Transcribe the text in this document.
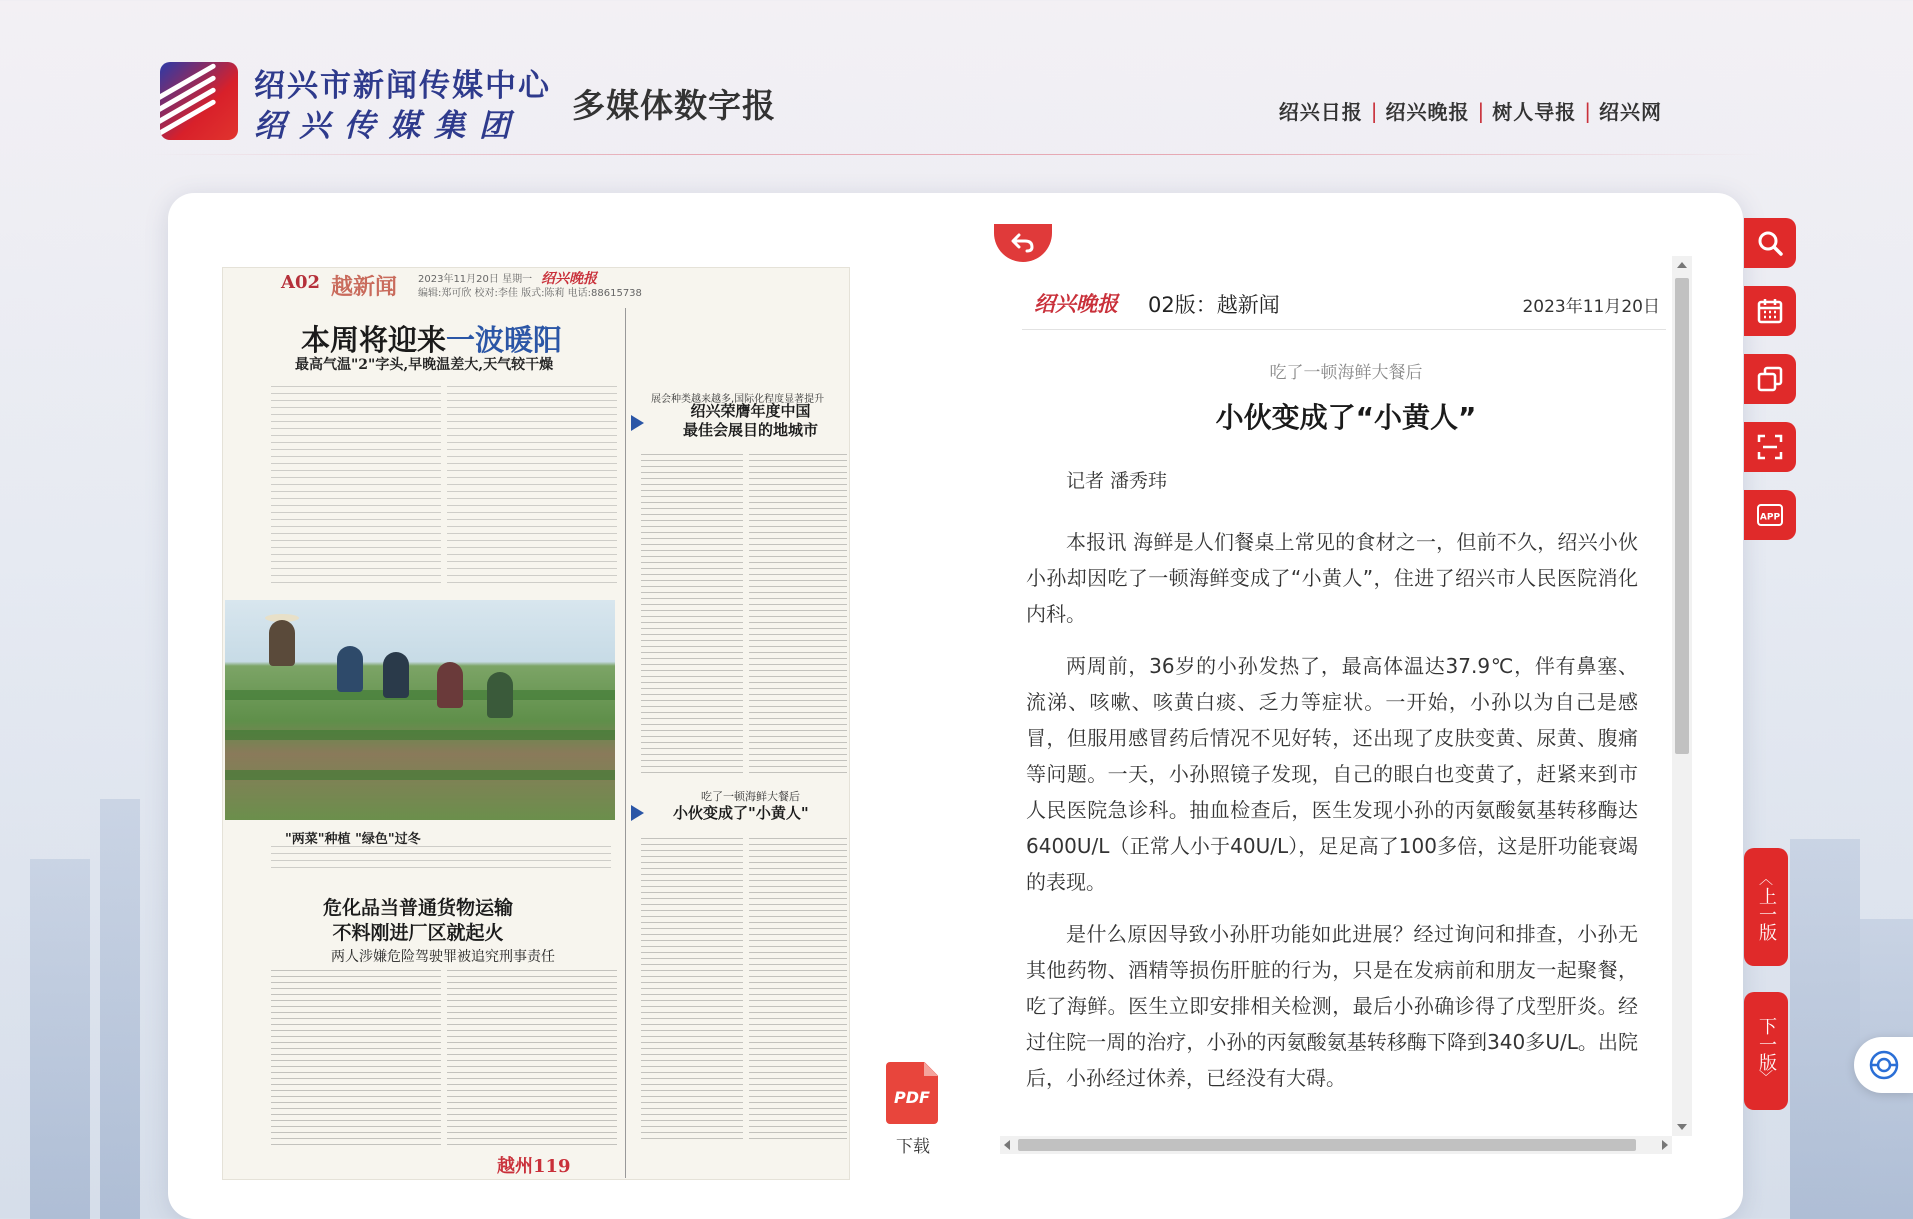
绍兴市新闻传媒中心
绍兴传媒集团
多媒体数字报	绍兴日报 | 绍兴晚报 | 树人导报 | 绍兴网
A02 越新闻 2023年11月20日 星期一 绍兴晚报
编辑:郑可欣 校对:李佳 版式:陈莉 电话:88615738
本周将迎来一波暖阳
最高气温"2"字头,早晚温差大,天气较干燥
"两菜"种植 "绿色"过冬
危化品当普通货物运输
不料刚进厂区就起火
两人涉嫌危险驾驶罪被追究刑事责任
展会种类越来越多,国际化程度显著提升
绍兴荣膺年度中国
最佳会展目的地城市
吃了一顿海鲜大餐后
小伙变成了"小黄人"
越州119
PDF
下载
绍兴晚报 02版：越新闻	2023年11月20日
吃了一顿海鲜大餐后
小伙变成了“小黄人”
记者 潘秀玮

本报讯 海鲜是人们餐桌上常见的食材之一，但前不久，绍兴小伙小孙却因吃了一顿海鲜变成了“小黄人”，住进了绍兴市人民医院消化内科。

两周前，36岁的小孙发热了，最高体温达37.9℃，伴有鼻塞、流涕、咳嗽、咳黄白痰、乏力等症状。一开始，小孙以为自己是感冒，但服用感冒药后情况不见好转，还出现了皮肤变黄、尿黄、腹痛等问题。一天，小孙照镜子发现，自己的眼白也变黄了，赶紧来到市人民医院急诊科。抽血检查后，医生发现小孙的丙氨酸氨基转移酶达6400U/L（正常人小于40U/L），足足高了100多倍，这是肝功能衰竭的表现。

是什么原因导致小孙肝功能如此进展？经过询问和排查，小孙无其他药物、酒精等损伤肝脏的行为，只是在发病前和朋友一起聚餐，吃了海鲜。医生立即安排相关检测，最后小孙确诊得了戊型肝炎。经过住院一周的治疗，小孙的丙氨酸氨基转移酶下降到340多U/L。出院后，小孙经过休养，已经没有大碍。

APP
︿
上一版
下一版
﹀
